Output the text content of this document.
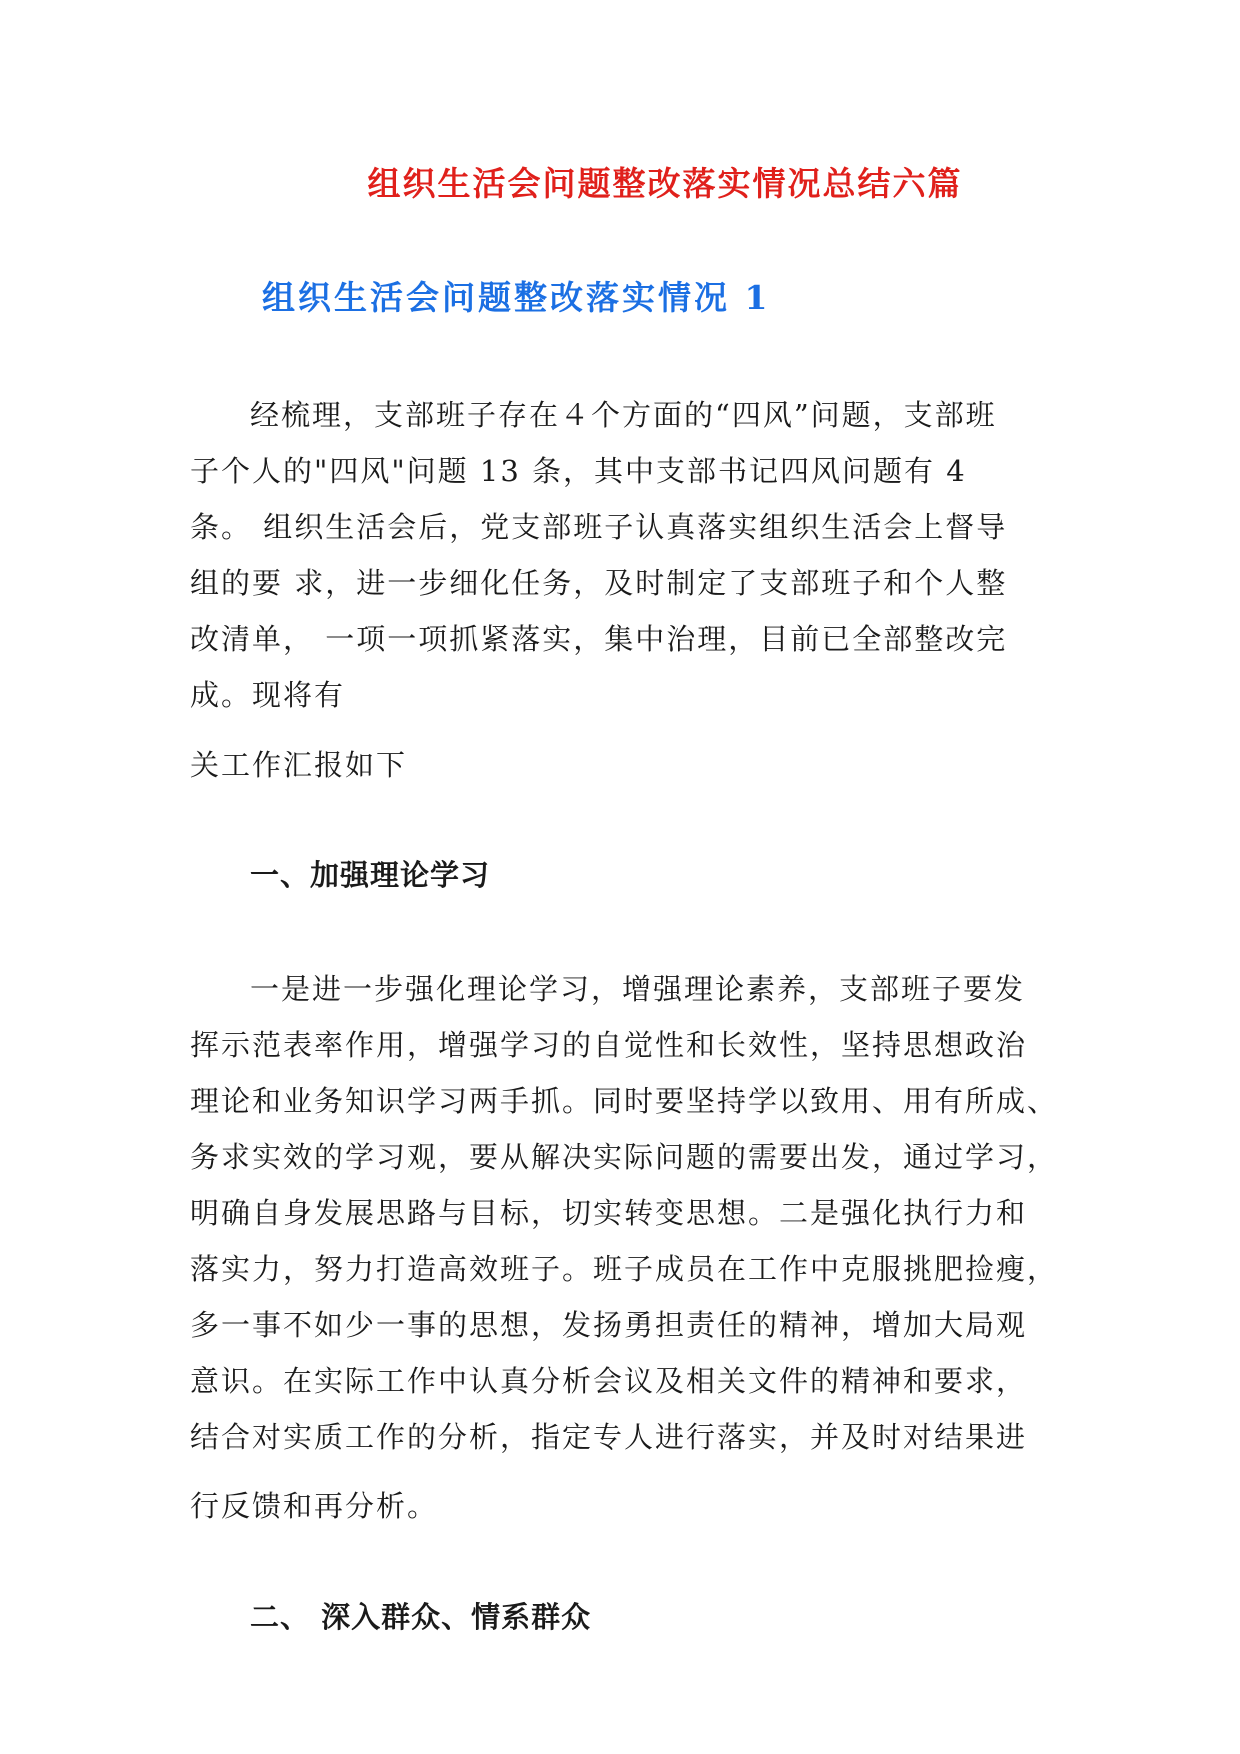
组织生活会问题整改落实情况总结六篇
组织生活会问题整改落实情况 1
经梳理，支部班子存在４个方面的“四风”问题，支部班
子个人的"四风"问题 13 条，其中支部书记四风问题有 4
条。 组织生活会后，党支部班子认真落实组织生活会上督导
组的要 求，进一步细化任务，及时制定了支部班子和个人整
改清单， 一项一项抓紧落实，集中治理，目前已全部整改完
成。现将有
关工作汇报如下
一、加强理论学习
一是进一步强化理论学习，增强理论素养，支部班子要发
挥示范表率作用，增强学习的自觉性和长效性，坚持思想政治
理论和业务知识学习两手抓。同时要坚持学以致用、用有所成、
务求实效的学习观，要从解决实际问题的需要出发，通过学习，
明确自身发展思路与目标，切实转变思想。二是强化执行力和
落实力，努力打造高效班子。班子成员在工作中克服挑肥捡瘦，
多一事不如少一事的思想，发扬勇担责任的精神，增加大局观
意识。在实际工作中认真分析会议及相关文件的精神和要求，
结合对实质工作的分析，指定专人进行落实，并及时对结果进
行反馈和再分析。
二、 深入群众、情系群众
